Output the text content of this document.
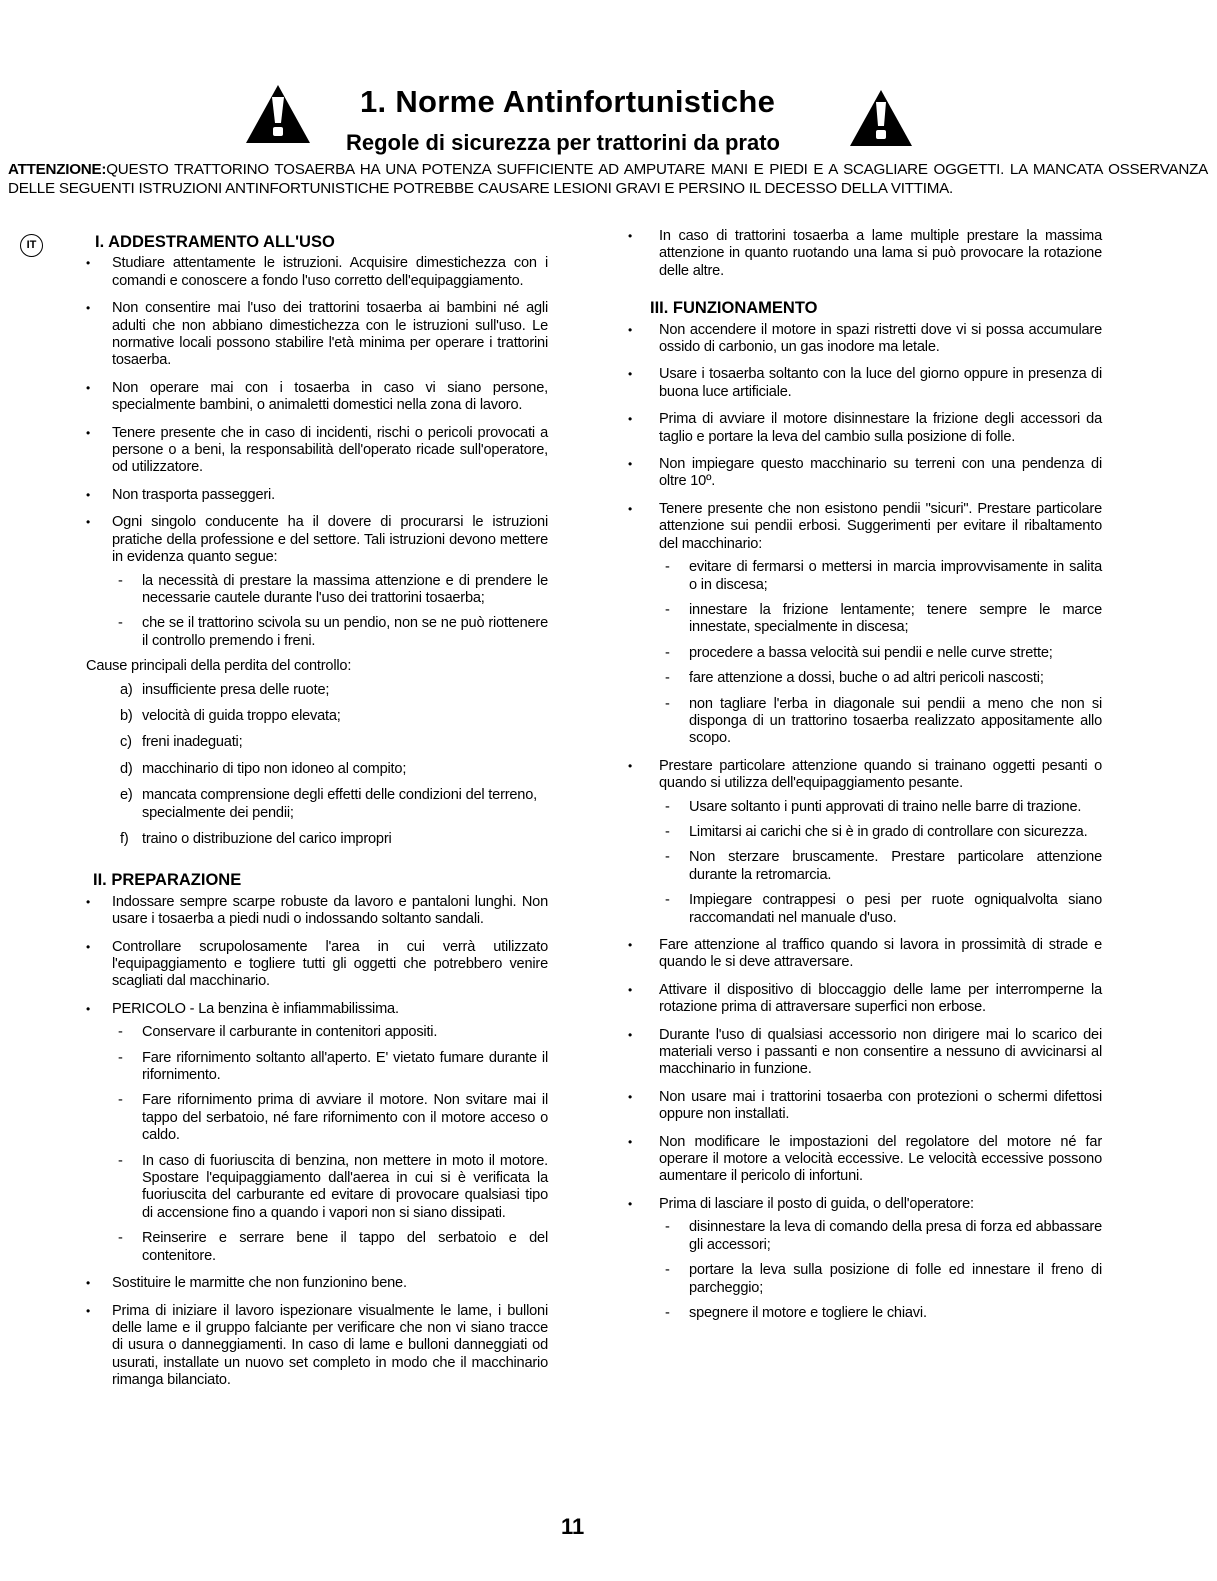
1. Norme Antinfortunistiche
Regole di sicurezza per trattorini da prato

ATTENZIONE:QUESTO TRATTORINO TOSAERBA HA UNA POTENZA SUFFICIENTE AD AMPUTARE MANI E PIEDI E A SCAGLIARE OGGETTI. LA MANCATA OSSERVANZA DELLE SEGUENTI ISTRUZIONI ANTINFORTUNISTICHE POTREBBE CAUSARE LESIONI GRAVI E PERSINO IL DECESSO DELLA VITTIMA.

IT	I. ADDESTRAMENTO ALL'USO
• Studiare attentamente le istruzioni. Acquisire dimestichezza con i comandi e conoscere a fondo l'uso corretto dell'equipaggiamento.
• Non consentire mai l'uso dei trattorini tosaerba ai bambini né agli adulti che non abbiano dimestichezza con le istruzioni sull'uso. Le normative locali possono stabilire l'età minima per operare i trattorini tosaerba.
• Non operare mai con i tosaerba in caso vi siano persone, specialmente bambini, o animaletti domestici nella zona di lavoro.
• Tenere presente che in caso di incidenti, rischi o pericoli provocati a persone o a beni, la responsabilità dell'operato ricade sull'operatore, od utilizzatore.
• Non trasporta passeggeri.
• Ogni singolo conducente ha il dovere di procurarsi le istruzioni pratiche della professione e del settore. Tali istruzioni devono mettere in evidenza quanto segue:
- la necessità di prestare la massima attenzione e di prendere le necessarie cautele durante l'uso dei trattorini tosaerba;
- che se il trattorino scivola su un pendio, non se ne può riottenere il controllo premendo i freni.

Cause principali della perdita del controllo:

a) insufficiente presa delle ruote;
b) velocità di guida troppo elevata;
c) freni inadeguati;
d) macchinario di tipo non idoneo al compito;
e) mancata comprensione degli effetti delle condizioni del terreno, specialmente dei pendii;
f) traino o distribuzione del carico impropri
II. PREPARAZIONE
• Indossare sempre scarpe robuste da lavoro e pantaloni lunghi. Non usare i tosaerba a piedi nudi o indossando soltanto sandali.
• Controllare scrupolosamente l'area in cui verrà utilizzato l'equipaggiamento e togliere tutti gli oggetti che potrebbero venire scagliati dal macchinario.
• PERICOLO - La benzina è infiammabilissima.
- Conservare il carburante in contenitori appositi.
- Fare rifornimento soltanto all'aperto. E' vietato fumare durante il rifornimento.
- Fare rifornimento prima di avviare il motore. Non svitare mai il tappo del serbatoio, né fare rifornimento con il motore acceso o caldo.
- In caso di fuoriuscita di benzina, non mettere in moto il motore. Spostare l'equipaggiamento dall'aerea in cui si è verificata la fuoriuscita del carburante ed evitare di provocare qualsiasi tipo di accensione fino a quando i vapori non si siano dissipati.
- Reinserire e serrare bene il tappo del serbatoio e del contenitore.
• Sostituire le marmitte che non funzionino bene.
• Prima di iniziare il lavoro ispezionare visualmente le lame, i bulloni delle lame e il gruppo falciante per verificare che non vi siano tracce di usura o danneggiamenti. In caso di lame e bulloni danneggiati od usurati, installate un nuovo set completo in modo che il macchinario rimanga bilanciato.
• In caso di trattorini tosaerba a lame multiple prestare la massima attenzione in quanto ruotando una lama si può provocare la rotazione delle altre.
III. FUNZIONAMENTO
• Non accendere il motore in spazi ristretti dove vi si possa accumulare ossido di carbonio, un gas inodore ma letale.
• Usare i tosaerba soltanto con la luce del giorno oppure in presenza di buona luce artificiale.
• Prima di avviare il motore disinnestare la frizione degli accessori da taglio e portare la leva del cambio sulla posizione di folle.
• Non impiegare questo macchinario su terreni con una pendenza di oltre 10º.
• Tenere presente che non esistono pendii "sicuri". Prestare particolare attenzione sui pendii erbosi. Suggerimenti per evitare il ribaltamento del macchinario:
- evitare di fermarsi o mettersi in marcia improvvisamente in salita o in discesa;
- innestare la frizione lentamente; tenere sempre le marce innestate, specialmente in discesa;
- procedere a bassa velocità sui pendii e nelle curve strette;
- fare attenzione a dossi, buche o ad altri pericoli nascosti;
- non tagliare l'erba in diagonale sui pendii a meno che non si disponga di un trattorino tosaerba realizzato appositamente allo scopo.
• Prestare particolare attenzione quando si trainano oggetti pesanti o quando si utilizza dell'equipaggiamento pesante.
- Usare soltanto i punti approvati di traino nelle barre di trazione.
- Limitarsi ai carichi che si è in grado di controllare con sicurezza.
- Non sterzare bruscamente. Prestare particolare attenzione durante la retromarcia.
- Impiegare contrappesi o pesi per ruote ogniqualvolta siano raccomandati nel manuale d'uso.
• Fare attenzione al traffico quando si lavora in prossimità di strade e quando le si deve attraversare.
• Attivare il dispositivo di bloccaggio delle lame per interromperne la rotazione prima di attraversare superfici non erbose.
• Durante l'uso di qualsiasi accessorio non dirigere mai lo scarico dei materiali verso i passanti e non consentire a nessuno di avvicinarsi al macchinario in funzione.
• Non usare mai i trattorini tosaerba con protezioni o schermi difettosi oppure non installati.
• Non modificare le impostazioni del regolatore del motore né far operare il motore a velocità eccessive. Le velocità eccessive possono aumentare il pericolo di infortuni.
• Prima di lasciare il posto di guida, o dell'operatore:
- disinnestare la leva di comando della presa di forza ed abbassare gli accessori;
- portare la leva sulla posizione di folle ed innestare il freno di parcheggio;
- spegnere il motore e togliere le chiavi.

11
